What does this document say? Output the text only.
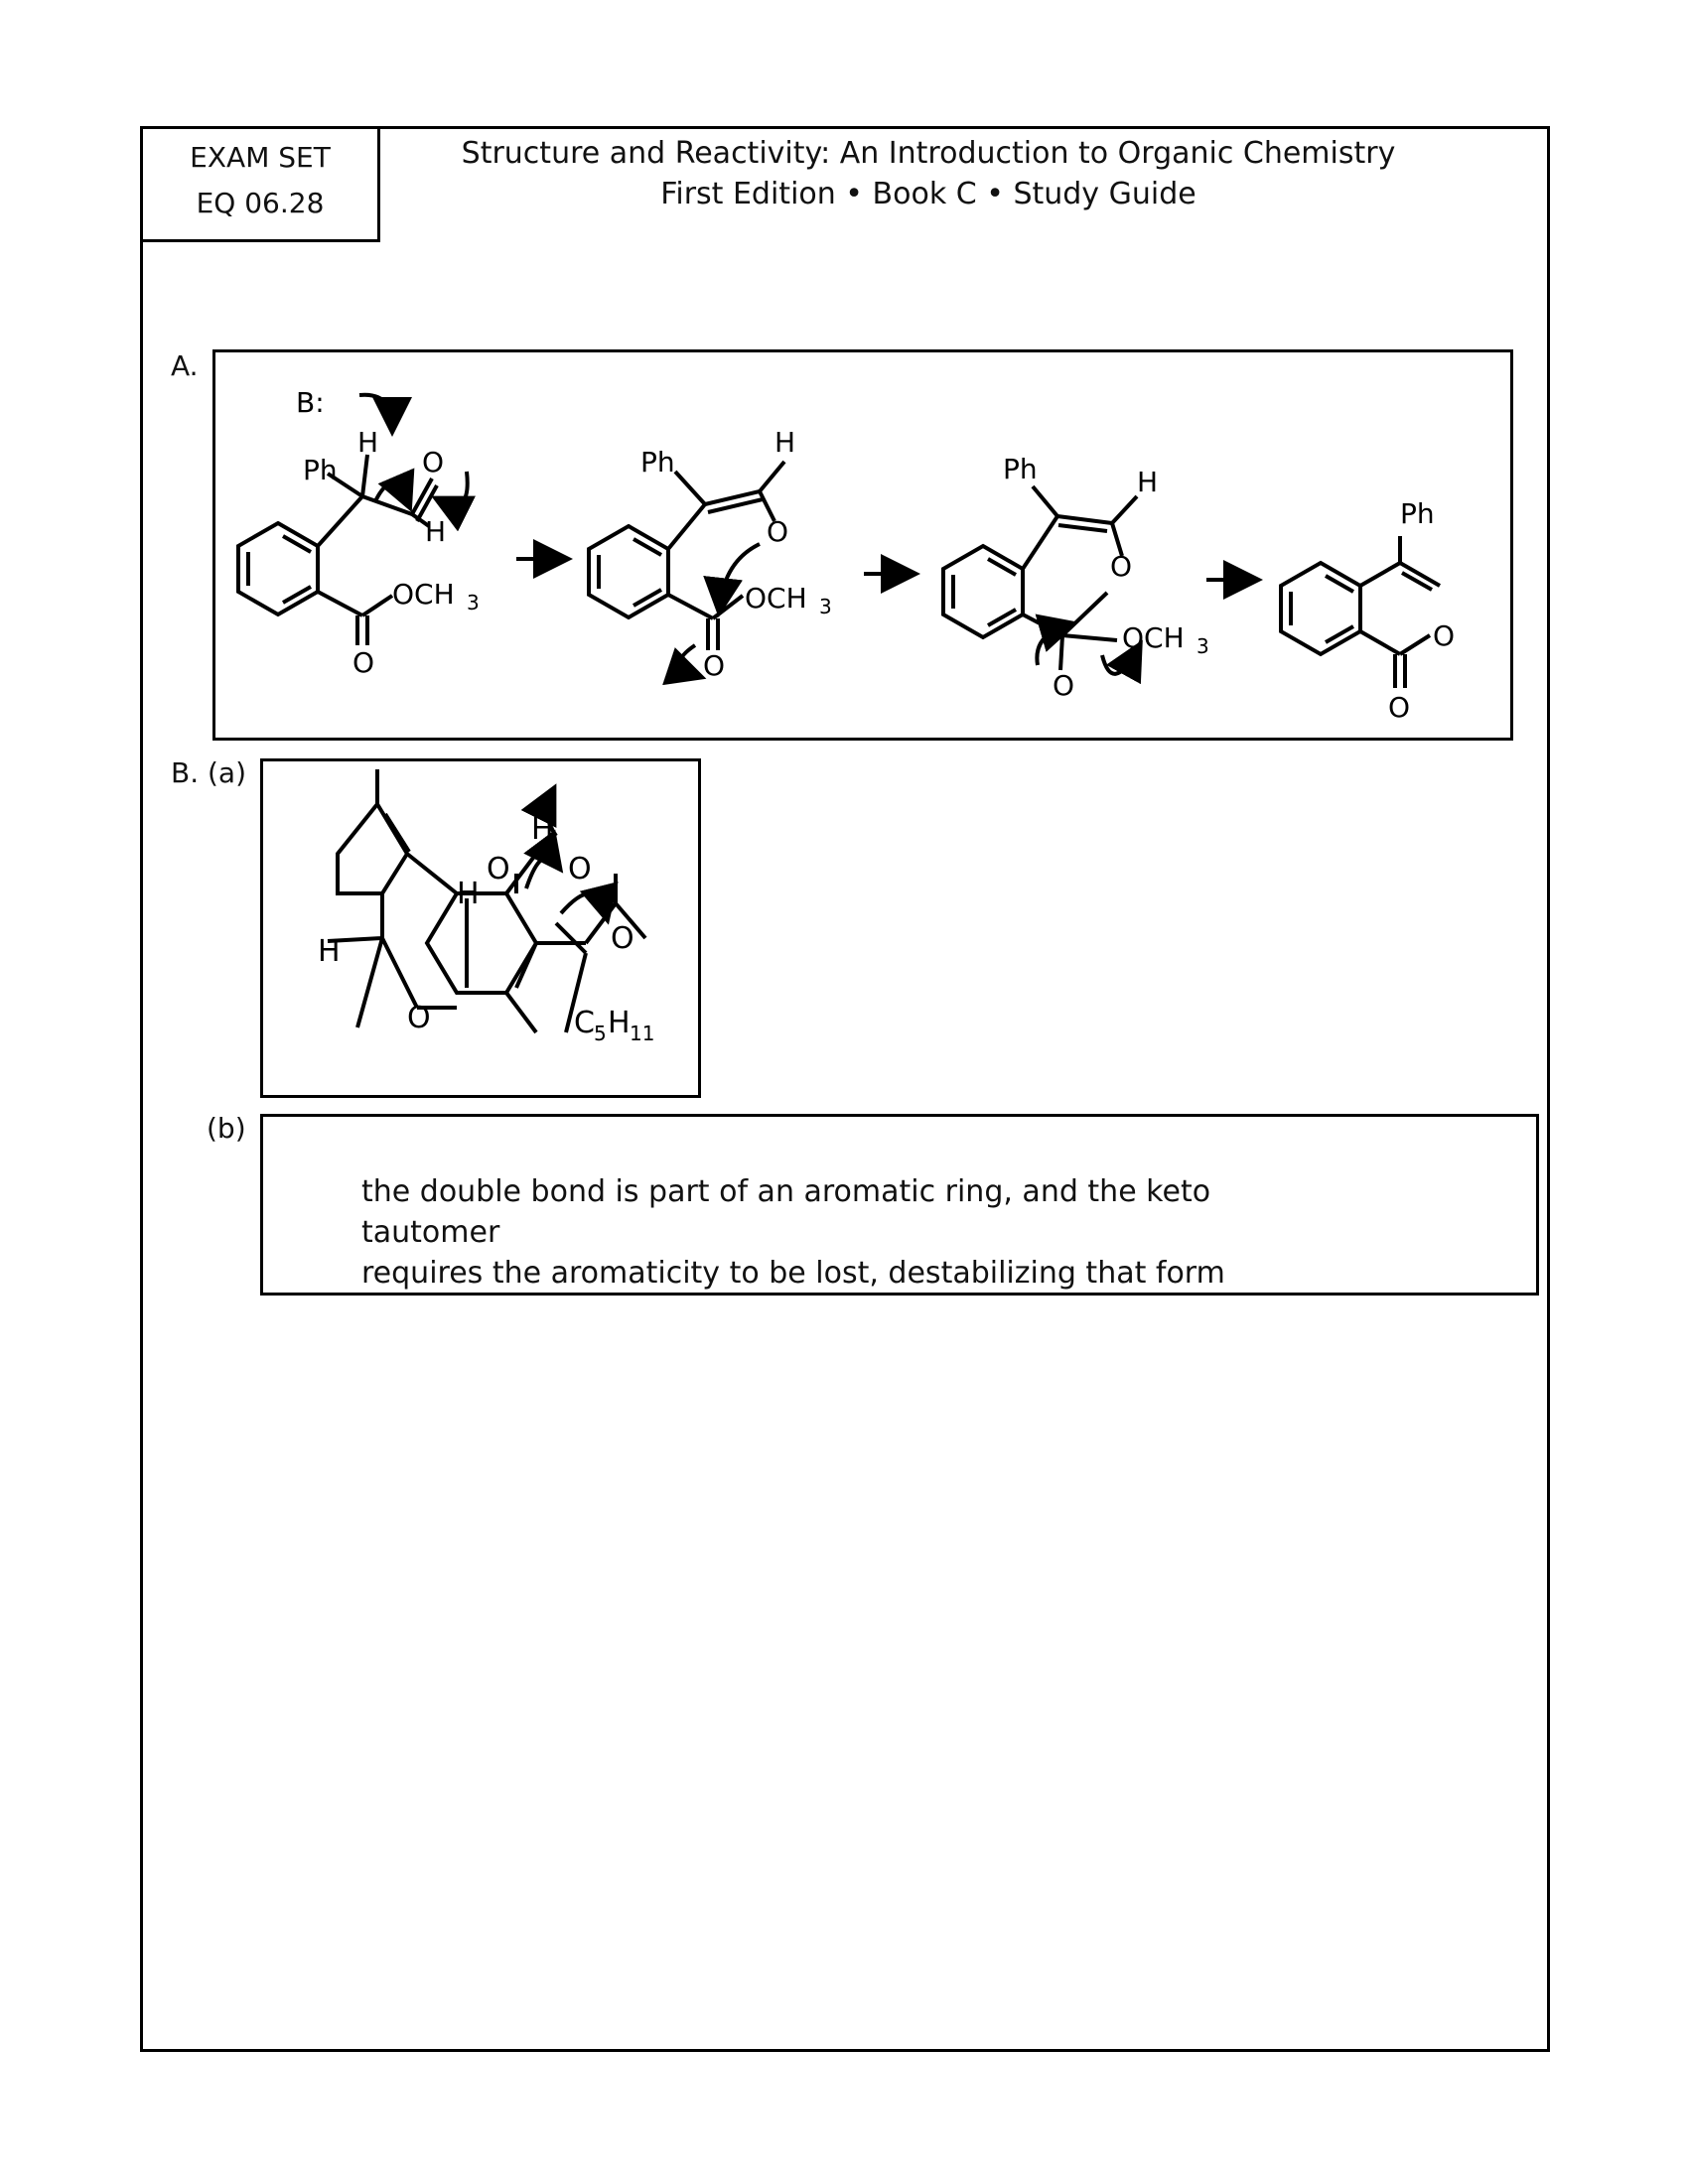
EXAM SET
EQ 06.28
Structure and Reactivity: An Introduction to Organic Chemistry
First Edition • Book C • Study Guide
A.
B:
Ph
H
O
H
OCH 3
O
Ph
H
O
OCH 3
O
Ph	H
O
OCH 3
O
Ph
O
O
H
H
O
H
O
O
O	C 5 H 11
B. (a)
(b)
the double bond is part of an aromatic ring, and the keto tautomer
requires the aromaticity to be lost, destabilizing that form
